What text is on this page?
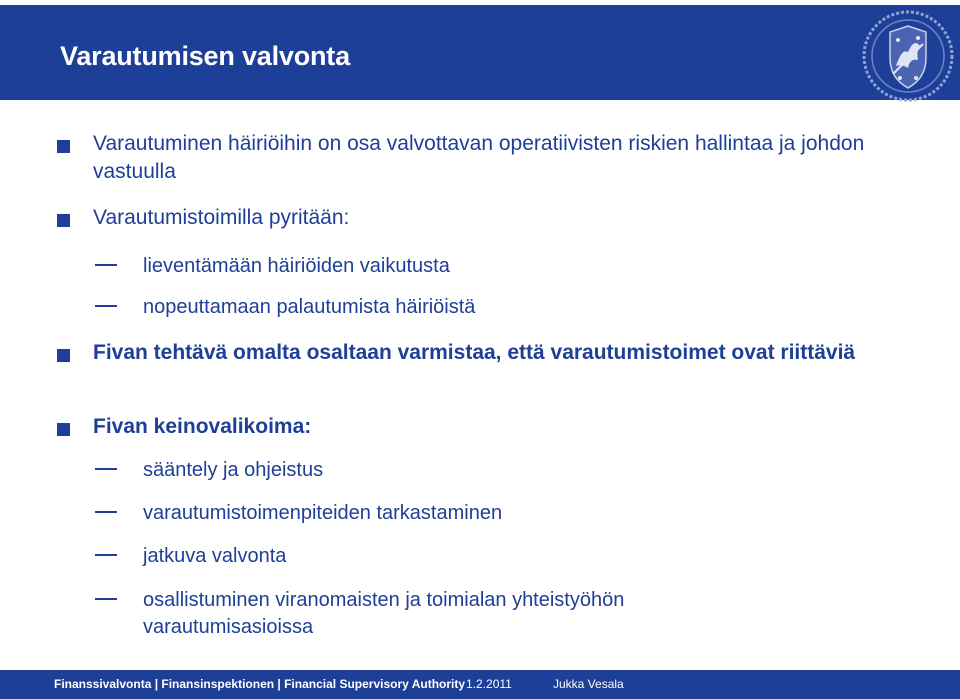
Varautumisen valvonta
Varautuminen häiriöihin on osa valvottavan operatiivisten riskien hallintaa ja johdon vastuulla
Varautumistoimilla pyritään:
lieventämään häiriöiden vaikutusta
nopeuttamaan palautumista häiriöistä
Fivan tehtävä omalta osaltaan varmistaa, että varautumistoimet ovat riittäviä
Fivan keinovalikoima:
sääntely ja ohjeistus
varautumistoimenpiteiden tarkastaminen
jatkuva valvonta
osallistuminen viranomaisten ja toimialan yhteistyöhön varautumisasioissa
Finanssivalvonta | Finansinspektionen | Financial Supervisory Authority 1.2.2011	Jukka Vesala
